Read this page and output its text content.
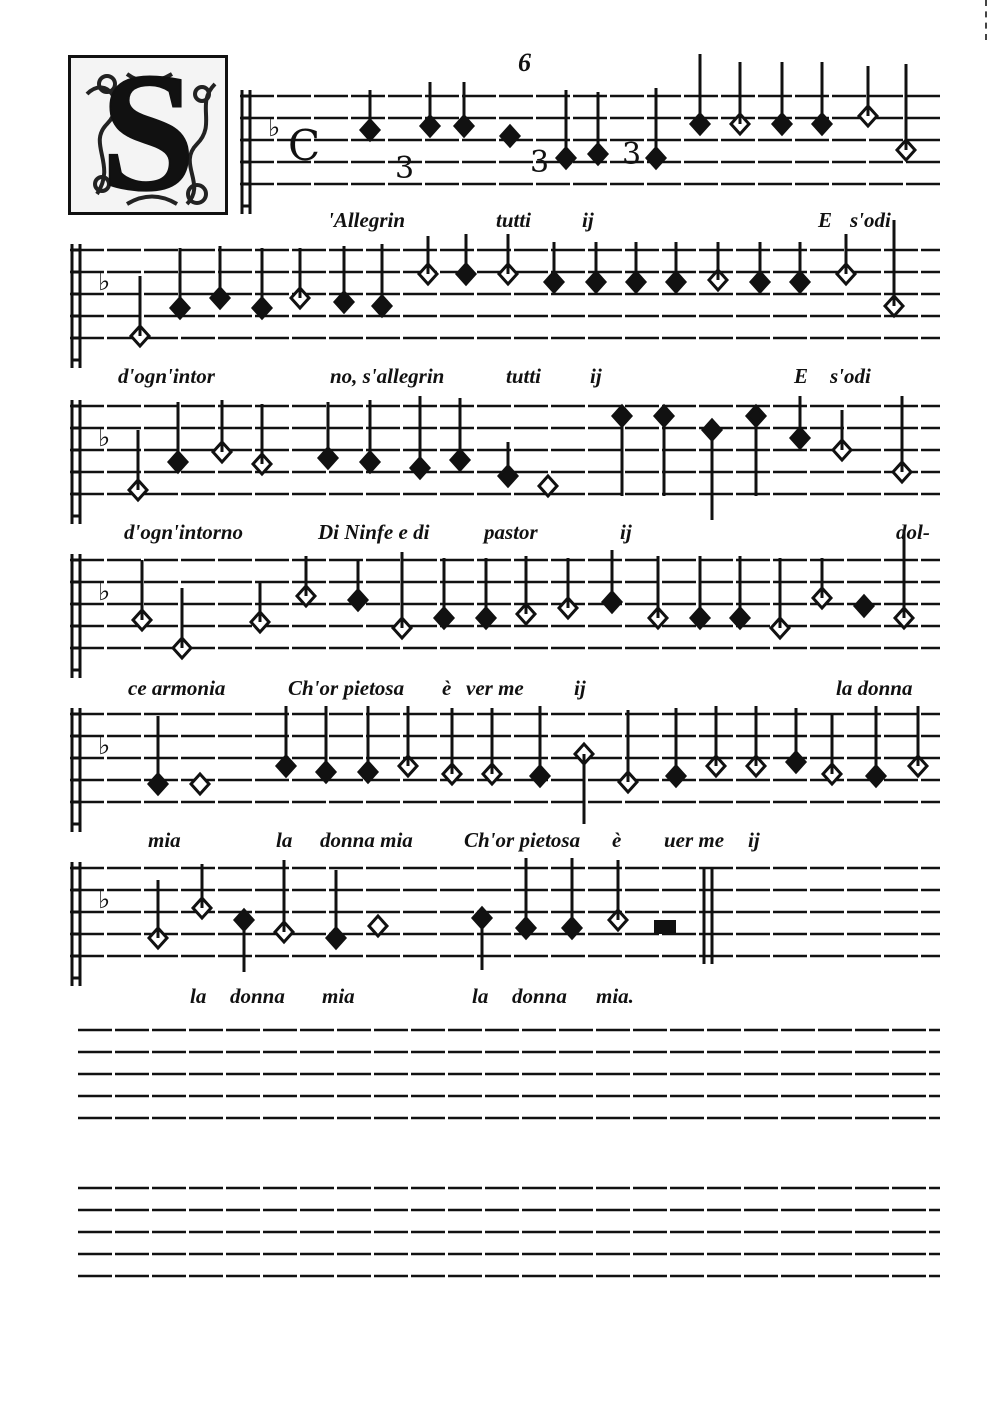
6
S	♭
♭
♭
♭
♭
♭
C 3	3 3
'Allegrin	tutti ij	E s'odi
d'ogn'intor	no, s'allegrin	tutti ij	E s'odi
d'ogn'intorno	Di Ninfe e di	pastor	ij	dol-
ce armonia	Ch'or pietosa è ver me ij	la donna
mia	la donna mia Ch'or pietosa è uer me ij
la donna mia	la donna mia.
